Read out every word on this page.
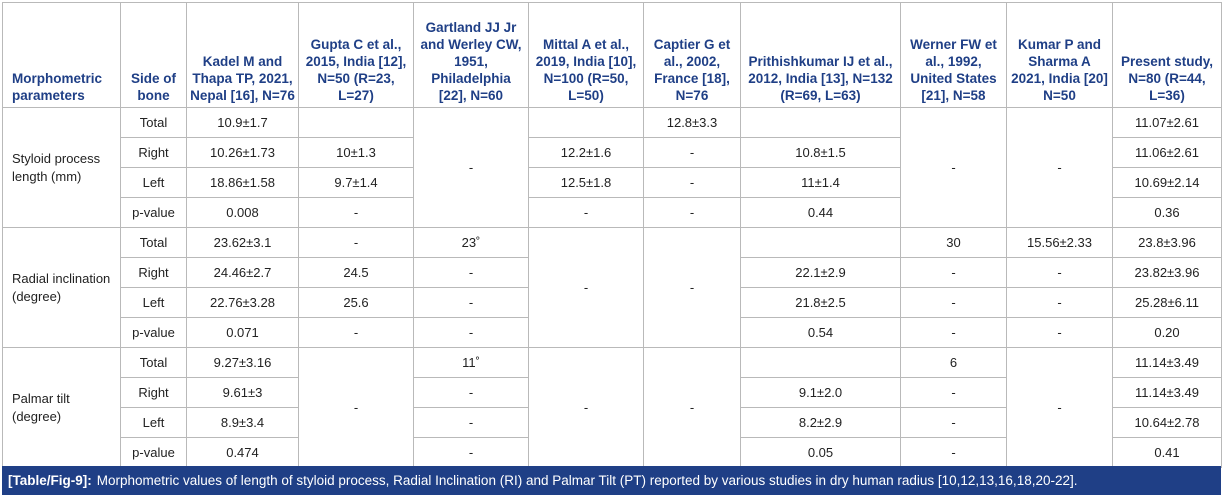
Morphometric parameters	Side of bone	Kadel M and Thapa TP, 2021, Nepal [16], N=76	Gupta C et al., 2015, India [12], N=50 (R=23, L=27)	Gartland JJ Jr and Werley CW, 1951, Philadelphia [22], N=60	Mittal A et al., 2019, India [10], N=100 (R=50, L=50)	Captier G et al., 2002, France [18], N=76	Prithishkumar IJ et al., 2012, India [13], N=132 (R=69, L=63)	Werner FW et al., 1992, United States [21], N=58	Kumar P and Sharma A 2021, India [20] N=50	Present study, N=80 (R=44, L=36)
Styloid process length (mm)	Total	10.9±1.7		-		12.8±3.3		-	-	11.07±2.61
	Right	10.26±1.73	10±1.3		12.2±1.6	-	10.8±1.5			11.06±2.61
	Left	18.86±1.58	9.7±1.4		12.5±1.8	-	11±1.4			10.69±2.14
	p-value	0.008	-		-	-	0.44			0.36
Radial inclination (degree)	Total	23.62±3.1	-	23˚	-	-		30	15.56±2.33	23.8±3.96
	Right	24.46±2.7	24.5	-			22.1±2.9	-	-	23.82±3.96
	Left	22.76±3.28	25.6	-			21.8±2.5	-	-	25.28±6.11
	p-value	0.071	-	-			0.54	-	-	0.20
Palmar tilt (degree)	Total	9.27±3.16	-	11˚	-	-		6	-	11.14±3.49
	Right	9.61±3		-			9.1±2.0	-		11.14±3.49
	Left	8.9±3.4		-			8.2±2.9	-		10.64±2.78
	p-value	0.474		-			0.05	-		0.41
[Table/Fig-9]: Morphometric values of length of styloid process, Radial Inclination (RI) and Palmar Tilt (PT) reported by various studies in dry human radius [10,12,13,16,18,20-22].
